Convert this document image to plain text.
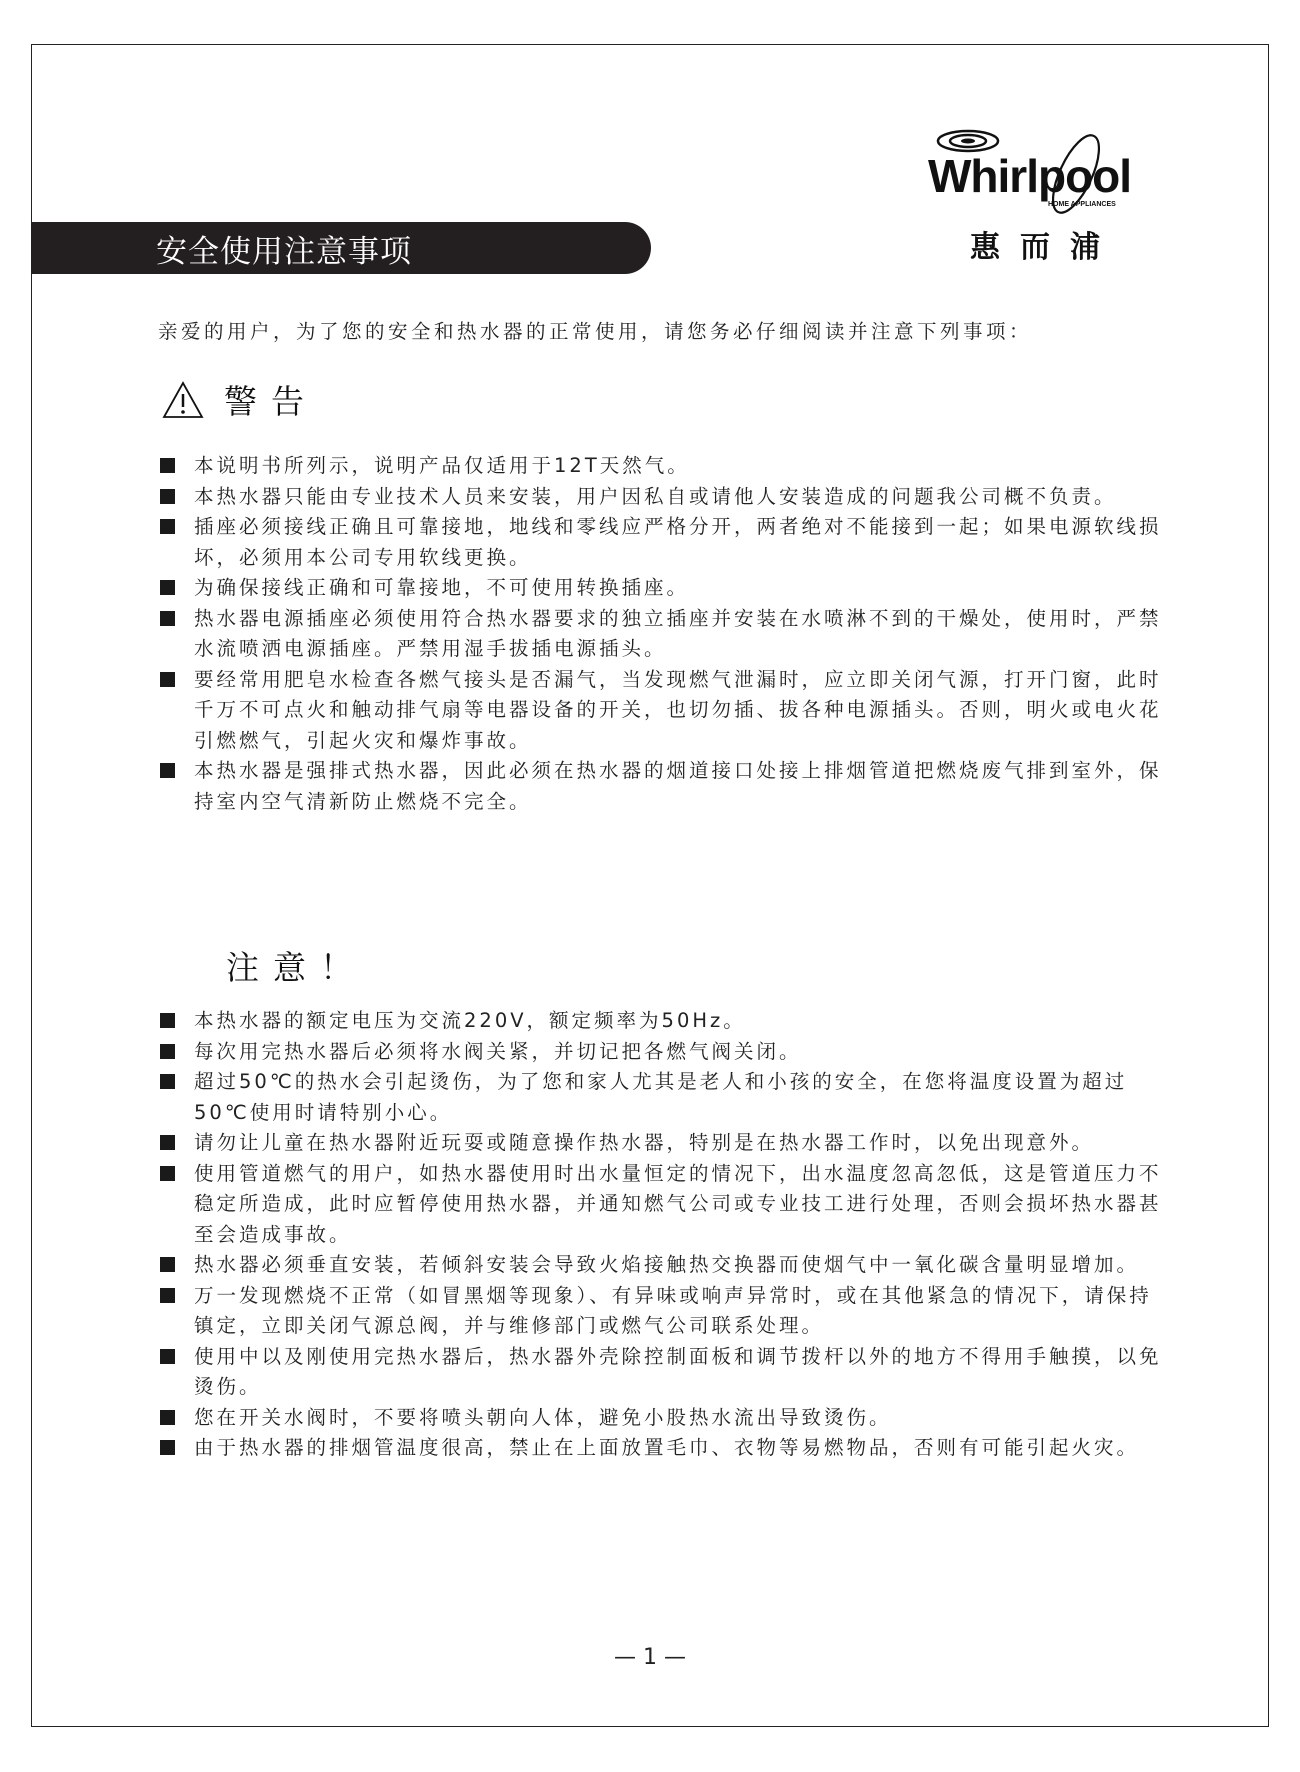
Whirlpool
HOME APPLIANCES
惠而浦
安全使用注意事项
亲爱的用户，为了您的安全和热水器的正常使用，请您务必仔细阅读并注意下列事项：
警告
本说明书所列示，说明产品仅适用于12T天然气。
本热水器只能由专业技术人员来安装，用户因私自或请他人安装造成的问题我公司概不负责。
插座必须接线正确且可靠接地，地线和零线应严格分开，两者绝对不能接到一起；如果电源软线损坏，必须用本公司专用软线更换。
为确保接线正确和可靠接地，不可使用转换插座。
热水器电源插座必须使用符合热水器要求的独立插座并安装在水喷淋不到的干燥处，使用时，严禁水流喷洒电源插座。严禁用湿手拔插电源插头。
要经常用肥皂水检查各燃气接头是否漏气，当发现燃气泄漏时，应立即关闭气源，打开门窗，此时千万不可点火和触动排气扇等电器设备的开关，也切勿插、拔各种电源插头。否则，明火或电火花引燃燃气，引起火灾和爆炸事故。
本热水器是强排式热水器，因此必须在热水器的烟道接口处接上排烟管道把燃烧废气排到室外，保持室内空气清新防止燃烧不完全。
注意！
本热水器的额定电压为交流220V，额定频率为50Hz。
每次用完热水器后必须将水阀关紧，并切记把各燃气阀关闭。
超过50℃的热水会引起烫伤，为了您和家人尤其是老人和小孩的安全，在您将温度设置为超过50℃使用时请特别小心。
请勿让儿童在热水器附近玩耍或随意操作热水器，特别是在热水器工作时，以免出现意外。
使用管道燃气的用户，如热水器使用时出水量恒定的情况下，出水温度忽高忽低，这是管道压力不稳定所造成，此时应暂停使用热水器，并通知燃气公司或专业技工进行处理，否则会损坏热水器甚至会造成事故。
热水器必须垂直安装，若倾斜安装会导致火焰接触热交换器而使烟气中一氧化碳含量明显增加。
万一发现燃烧不正常（如冒黑烟等现象）、有异味或响声异常时，或在其他紧急的情况下，请保持镇定，立即关闭气源总阀，并与维修部门或燃气公司联系处理。
使用中以及刚使用完热水器后，热水器外壳除控制面板和调节拨杆以外的地方不得用手触摸，以免烫伤。
您在开关水阀时，不要将喷头朝向人体，避免小股热水流出导致烫伤。
由于热水器的排烟管温度很高，禁止在上面放置毛巾、衣物等易燃物品，否则有可能引起火灾。
— 1 —
